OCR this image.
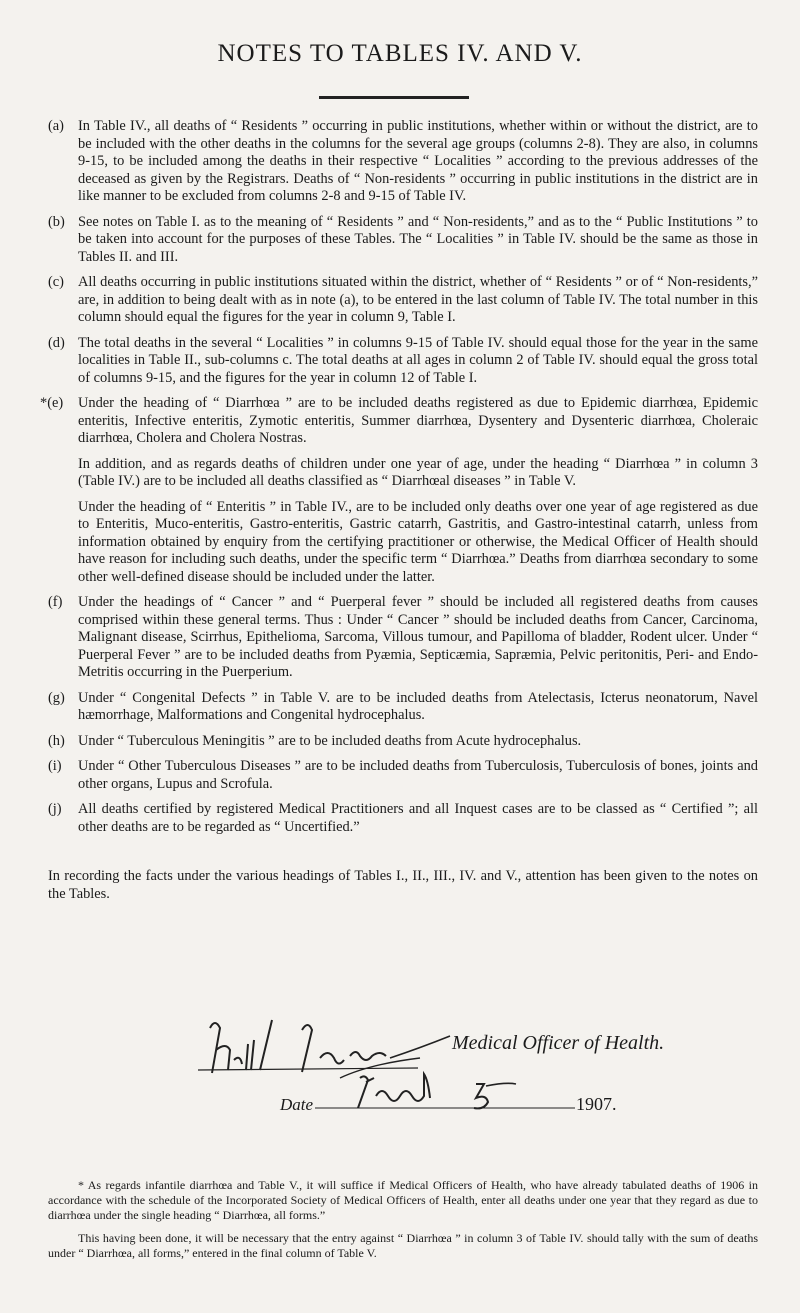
NOTES TO TABLES IV. AND V.
(a) In Table IV., all deaths of “ Residents ” occurring in public institutions, whether within or without the district, are to be included with the other deaths in the columns for the several age groups (columns 2-8). They are also, in columns 9-15, to be included among the deaths in their respective “ Localities ” according to the previous addresses of the deceased as given by the Registrars. Deaths of “ Non-residents ” occurring in public institutions in the district are in like manner to be excluded from columns 2-8 and 9-15 of Table IV.
(b) See notes on Table I. as to the meaning of “ Residents ” and “ Non-residents,” and as to the “ Public Institutions ” to be taken into account for the purposes of these Tables. The “ Localities ” in Table IV. should be the same as those in Tables II. and III.
(c) All deaths occurring in public institutions situated within the district, whether of “ Residents ” or of “ Non-residents,” are, in addition to being dealt with as in note (a), to be entered in the last column of Table IV. The total number in this column should equal the figures for the year in column 9, Table I.
(d) The total deaths in the several “ Localities ” in columns 9-15 of Table IV. should equal those for the year in the same localities in Table II., sub-columns c. The total deaths at all ages in column 2 of Table IV. should equal the gross total of columns 9-15, and the figures for the year in column 12 of Table I.
*(e) Under the heading of “ Diarrhœa ” are to be included deaths registered as due to Epidemic diarrhœa, Epidemic enteritis, Infective enteritis, Zymotic enteritis, Summer diarrhœa, Dysentery and Dysenteric diarrhœa, Choleraic diarrhœa, Cholera and Cholera Nostras.

In addition, and as regards deaths of children under one year of age, under the heading “ Diarrhœa ” in column 3 (Table IV.) are to be included all deaths classified as “ Diarrhœal diseases ” in Table V.

Under the heading of “ Enteritis ” in Table IV., are to be included only deaths over one year of age registered as due to Enteritis, Muco-enteritis, Gastro-enteritis, Gastric catarrh, Gastritis, and Gastro-intestinal catarrh, unless from information obtained by enquiry from the certifying practitioner or otherwise, the Medical Officer of Health should have reason for including such deaths, under the specific term “ Diarrhœa.” Deaths from diarrhœa secondary to some other well-defined disease should be included under the latter.

(f) Under the headings of “ Cancer ” and “ Puerperal fever ” should be included all registered deaths from causes comprised within these general terms. Thus : Under “ Cancer ” should be included deaths from Cancer, Carcinoma, Malignant disease, Scirrhus, Epithelioma, Sarcoma, Villous tumour, and Papilloma of bladder, Rodent ulcer. Under “ Puerperal Fever ” are to be included deaths from Pyæmia, Septicæmia, Sapræmia, Pelvic peritonitis, Peri- and Endo-Metritis occurring in the Puerperium.
(g) Under “ Congenital Defects ” in Table V. are to be included deaths from Atelectasis, Icterus neonatorum, Navel hæmorrhage, Malformations and Congenital hydrocephalus.
(h) Under “ Tuberculous Meningitis ” are to be included deaths from Acute hydrocephalus.
(i) Under “ Other Tuberculous Diseases ” are to be included deaths from Tuberculosis, Tuberculosis of bones, joints and other organs, Lupus and Scrofula.
(j) All deaths certified by registered Medical Practitioners and all Inquest cases are to be classed as “ Certified ”; all other deaths are to be regarded as “ Uncertified.”

In recording the facts under the various headings of Tables I., II., III., IV. and V., attention has been given to the notes on the Tables.

Medical Officer of Health.
Date	1907.

* As regards infantile diarrhœa and Table V., it will suffice if Medical Officers of Health, who have already tabulated deaths of 1906 in accordance with the schedule of the Incorporated Society of Medical Officers of Health, enter all deaths under one year that they regard as due to diarrhœa under the single heading “ Diarrhœa, all forms.”

This having been done, it will be necessary that the entry against “ Diarrhœa ” in column 3 of Table IV. should tally with the sum of deaths under “ Diarrhœa, all forms,” entered in the final column of Table V.
